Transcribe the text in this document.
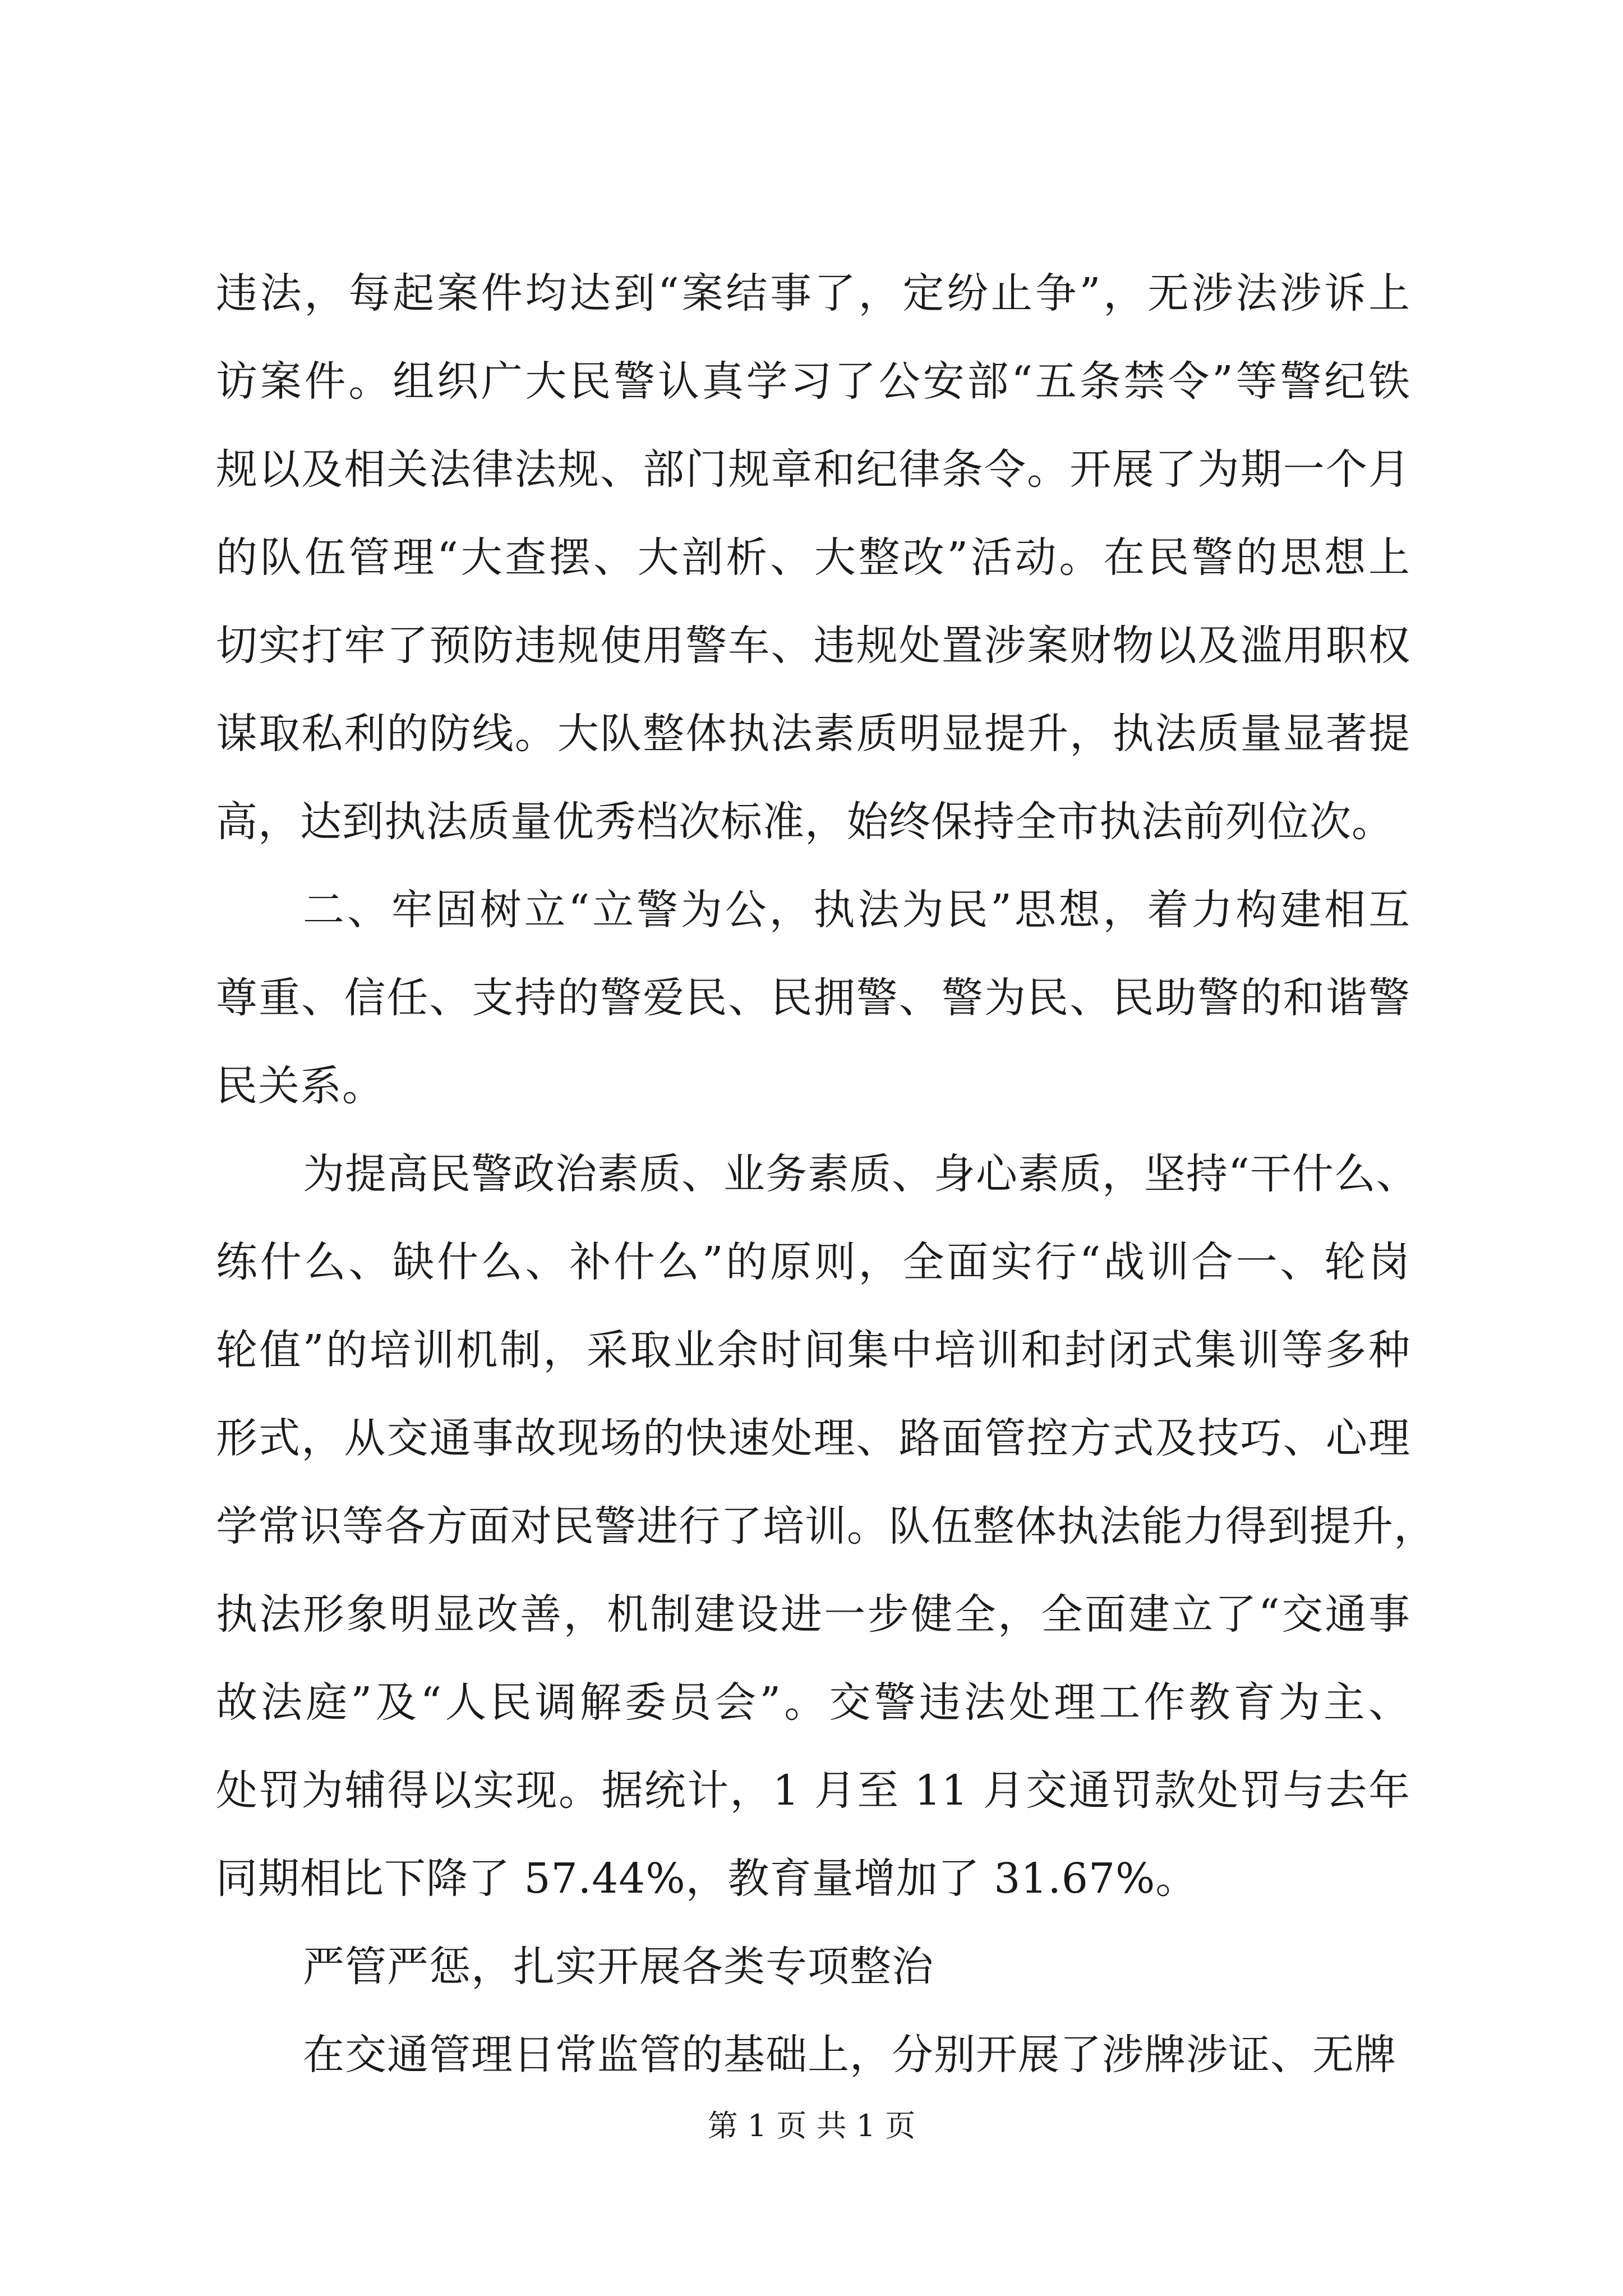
违法，每起案件均达到“案结事了，定纷止争”，无涉法涉诉上
访案件。组织广大民警认真学习了公安部“五条禁令”等警纪铁
规以及相关法律法规、部门规章和纪律条令。开展了为期一个月
的队伍管理“大查摆、大剖析、大整改”活动。在民警的思想上
切实打牢了预防违规使用警车、违规处置涉案财物以及滥用职权
谋取私利的防线。大队整体执法素质明显提升，执法质量显著提
高，达到执法质量优秀档次标准，始终保持全市执法前列位次。
二、牢固树立“立警为公，执法为民”思想，着力构建相互
尊重、信任、支持的警爱民、民拥警、警为民、民助警的和谐警
民关系。
为提高民警政治素质、业务素质、身心素质，坚持“干什么、
练什么、缺什么、补什么”的原则，全面实行“战训合一、轮岗
轮值”的培训机制，采取业余时间集中培训和封闭式集训等多种
形式，从交通事故现场的快速处理、路面管控方式及技巧、心理
学常识等各方面对民警进行了培训。队伍整体执法能力得到提升，
执法形象明显改善，机制建设进一步健全，全面建立了“交通事
故法庭”及“人民调解委员会”。交警违法处理工作教育为主、
处罚为辅得以实现。据统计，1 月至 11 月交通罚款处罚与去年
同期相比下降了 57.44%，教育量增加了 31.67%。
严管严惩，扎实开展各类专项整治
在交通管理日常监管的基础上，分别开展了涉牌涉证、无牌
第 1 页 共 1 页
